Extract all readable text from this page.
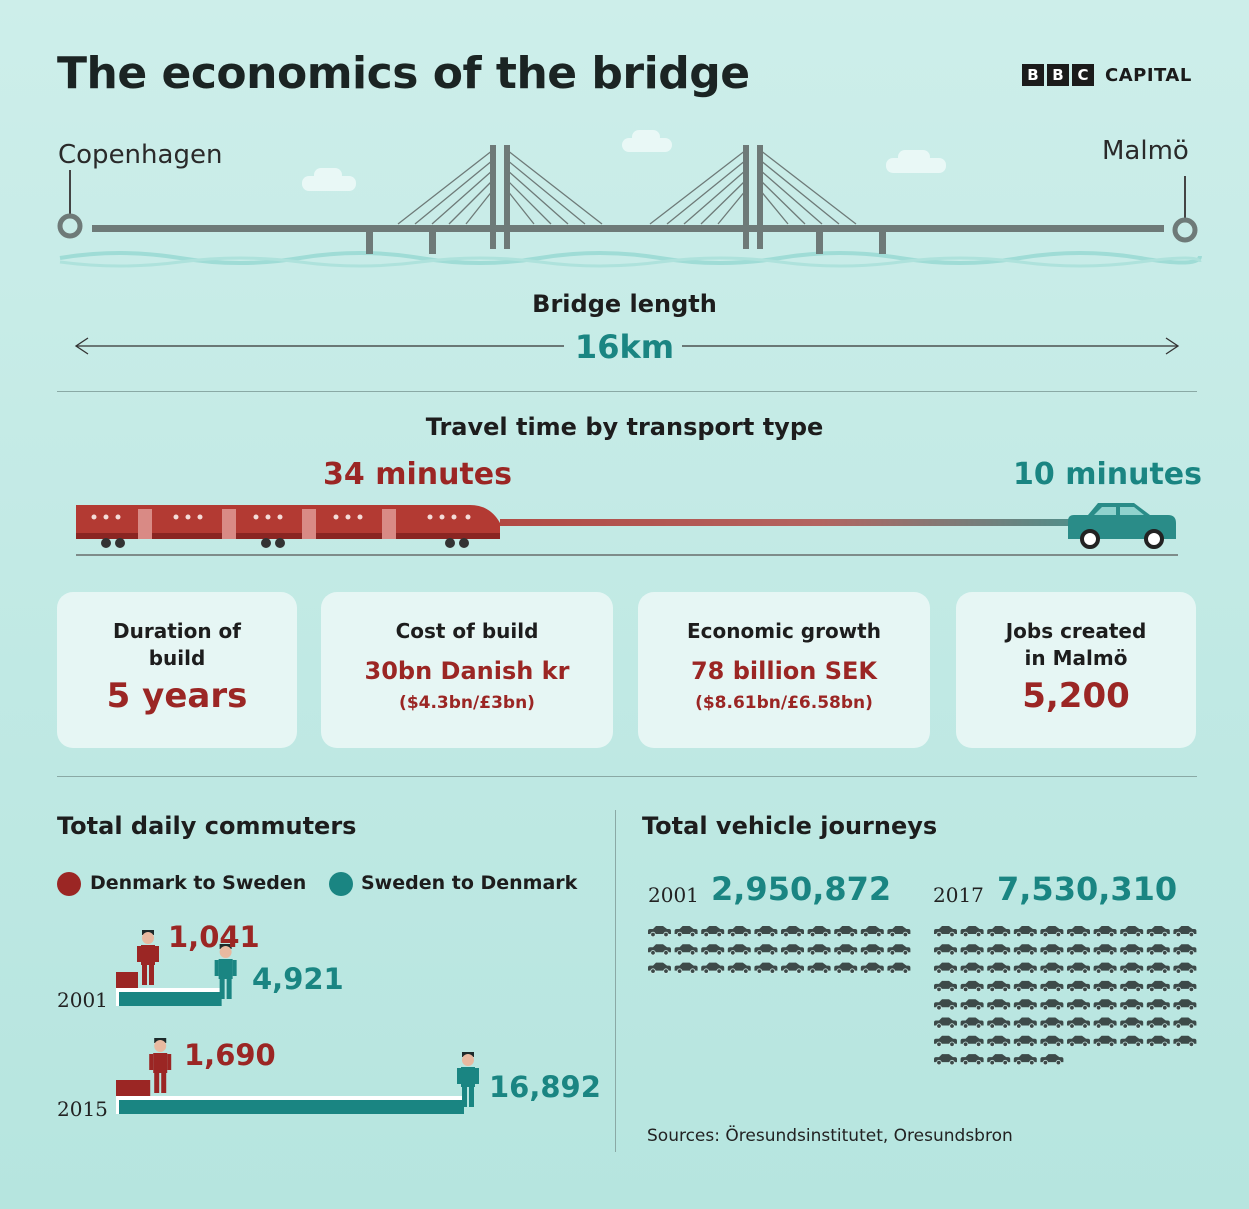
The economics of the bridge	B B C CAPITAL
Copenhagen	Malmö
Bridge length
16km
Travel time by transport type
34 minutes	10 minutes
Duration of build
5 years
Cost of build
30bn Danish kr
($4.3bn/£3bn)
Economic growth
78 billion SEK
($8.61bn/£6.58bn)
Jobs created in Malmö
5,200
Total daily commuters
Denmark to Sweden	Sweden to Denmark
2001
2015
1,041
4,921
1,690
16,892
Total vehicle journeys
2001 2,950,872 2017 7,530,310
Sources: Öresundsinstitutet, Oresundsbron
